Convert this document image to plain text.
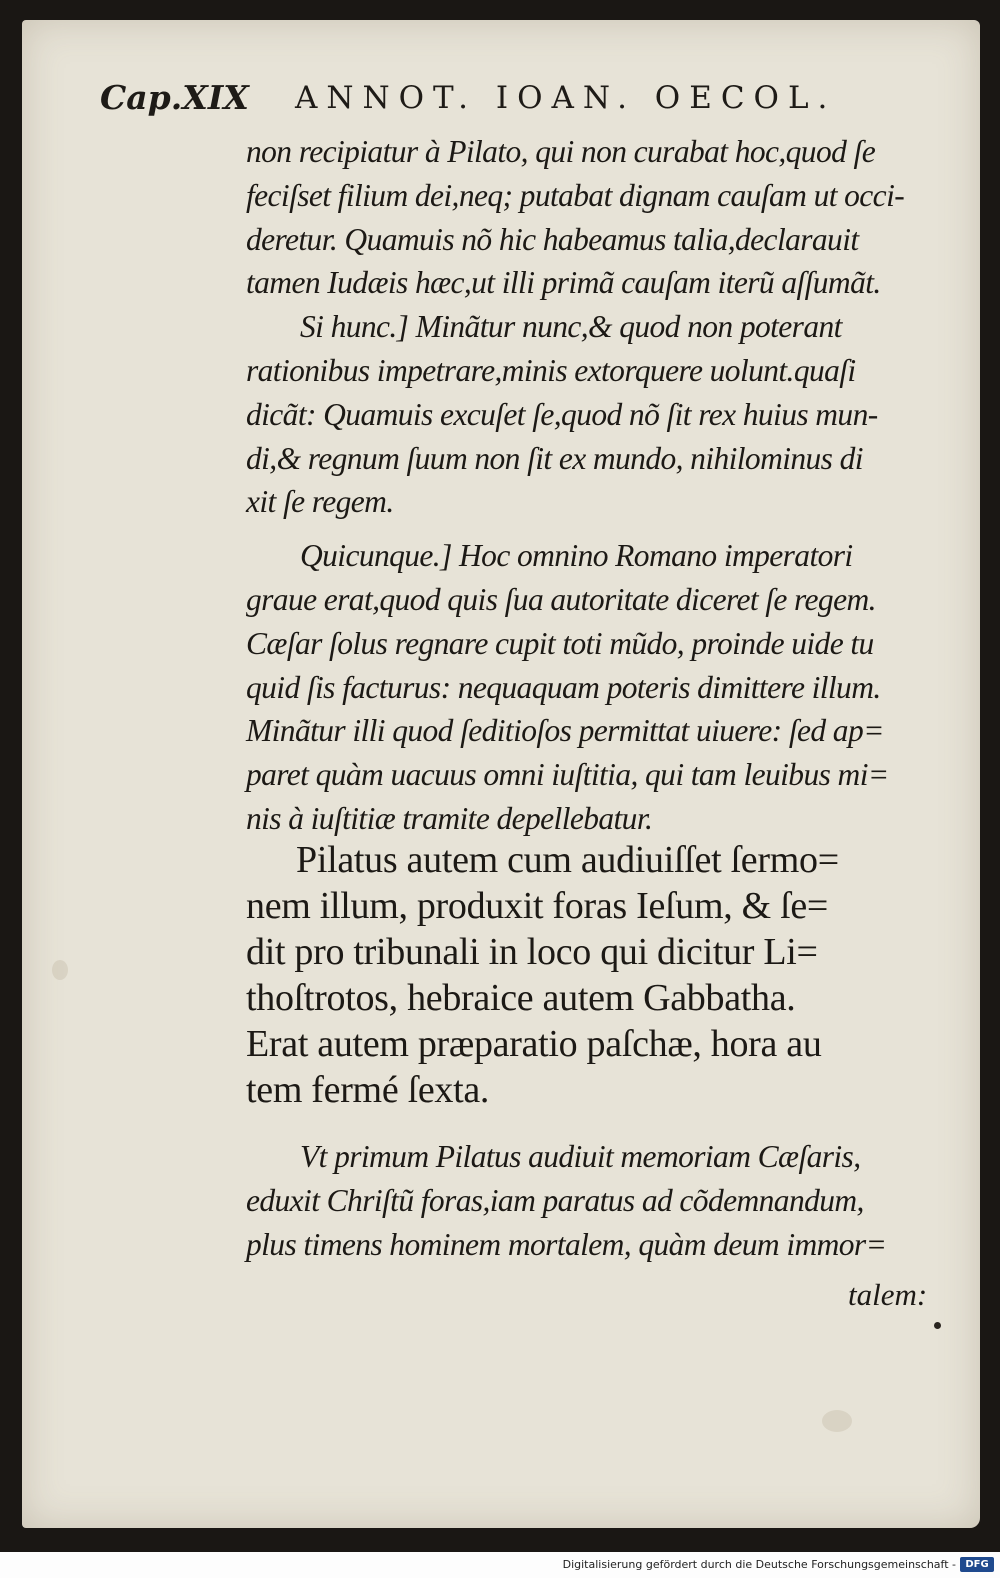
Cap.XIX ANNOT. IOAN. OECOL.
non recipiatur à Pilato, qui non curabat hoc,quod ſe
feciſset filium dei,neq; putabat dignam cauſam ut occi-
deretur. Quamuis nõ hic habeamus talia,declarauit
tamen Iudæis hæc,ut illi primã cauſam iterũ aſſumãt.
Si hunc.] Minãtur nunc,& quod non poterant
rationibus impetrare,minis extorquere uolunt.quaſi
dicãt: Quamuis excuſet ſe,quod nõ ſit rex huius mun-
di,& regnum ſuum non ſit ex mundo, nihilominus di
xit ſe regem.
Quicunque.] Hoc omnino Romano imperatori
graue erat,quod quis ſua autoritate diceret ſe regem.
Cæſar ſolus regnare cupit toti mũdo, proinde uide tu
quid ſis facturus: nequaquam poteris dimittere illum.
Minãtur illi quod ſeditioſos permittat uiuere: ſed ap=
paret quàm uacuus omni iuſtitia, qui tam leuibus mi=
nis à iuſtitiæ tramite depellebatur.
Pilatus autem cum audiuiſſet ſermo=
nem illum, produxit foras Ieſum, & ſe=
dit pro tribunali in loco qui dicitur Li=
thoſtrotos, hebraice autem Gabbatha.
Erat autem præparatio paſchæ, hora au
tem fermé ſexta.
Vt primum Pilatus audiuit memoriam Cæſaris,
eduxit Chriſtũ foras,iam paratus ad cõdemnandum,
plus timens hominem mortalem, quàm deum immor=
talem:
Digitalisierung gefördert durch die Deutsche Forschungsgemeinschaft - DFG
